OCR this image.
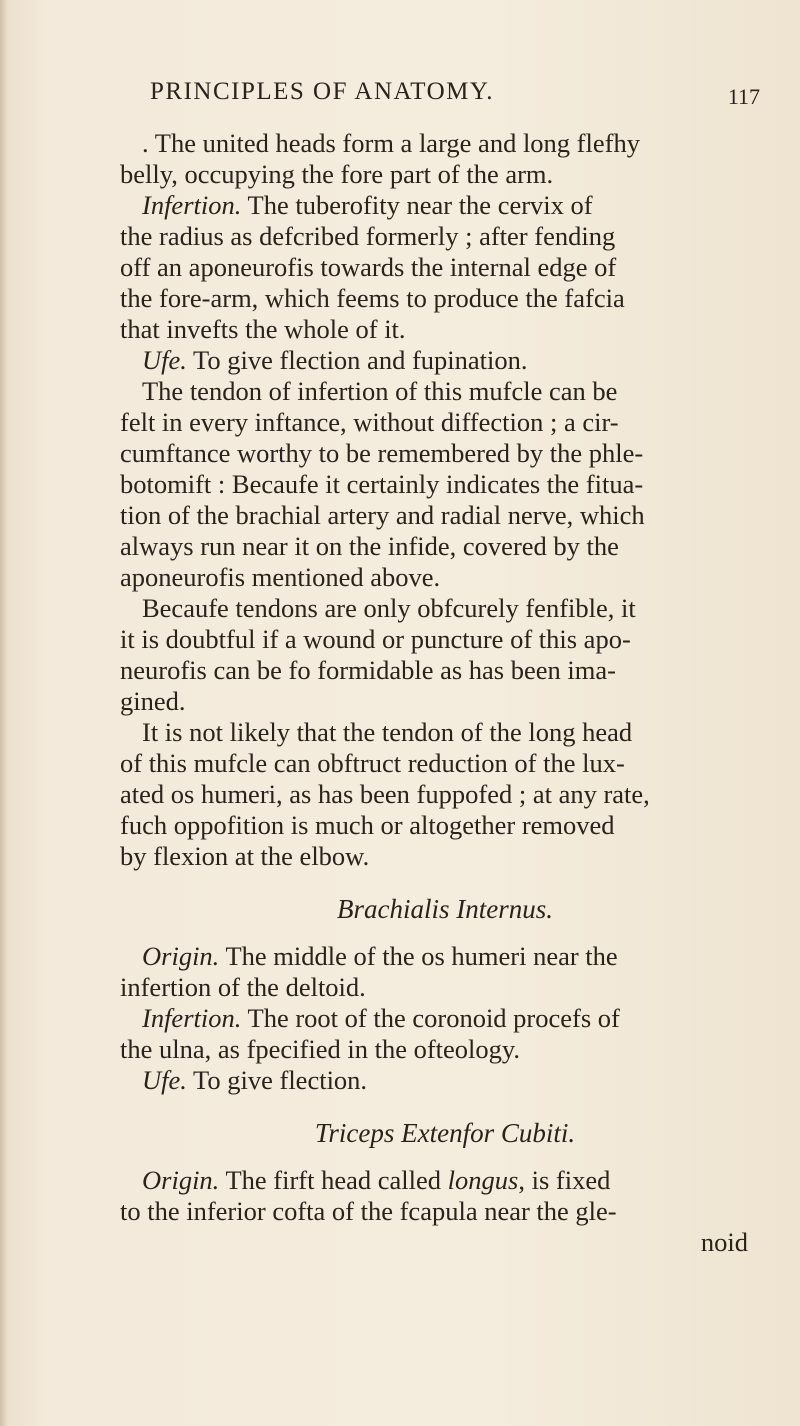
PRINCIPLES OF ANATOMY.	117
. The united heads form a large and long flefhy
belly, occupying the fore part of the arm.
Infertion. The tuberofity near the cervix of
the radius as defcribed formerly ; after fending
off an aponeurofis towards the internal edge of
the fore-arm, which feems to produce the fafcia
that invefts the whole of it.
Ufe. To give flection and fupination.
The tendon of infertion of this mufcle can be
felt in every inftance, without diffection ; a cir-
cumftance worthy to be remembered by the phle-
botomift : Becaufe it certainly indicates the fitua-
tion of the brachial artery and radial nerve, which
always run near it on the infide, covered by the
aponeurofis mentioned above.
Becaufe tendons are only obfcurely fenfible, it
it is doubtful if a wound or puncture of this apo-
neurofis can be fo formidable as has been ima-
gined.
It is not likely that the tendon of the long head
of this mufcle can obftruct reduction of the lux-
ated os humeri, as has been fuppofed ; at any rate,
fuch oppofition is much or altogether removed
by flexion at the elbow.
Brachialis Internus.
Origin. The middle of the os humeri near the
infertion of the deltoid.
Infertion. The root of the coronoid procefs of
the ulna, as fpecified in the ofteology.
Ufe. To give flection.
Triceps Extenfor Cubiti.
Origin. The firft head called longus, is fixed
to the inferior cofta of the fcapula near the gle-
noid
